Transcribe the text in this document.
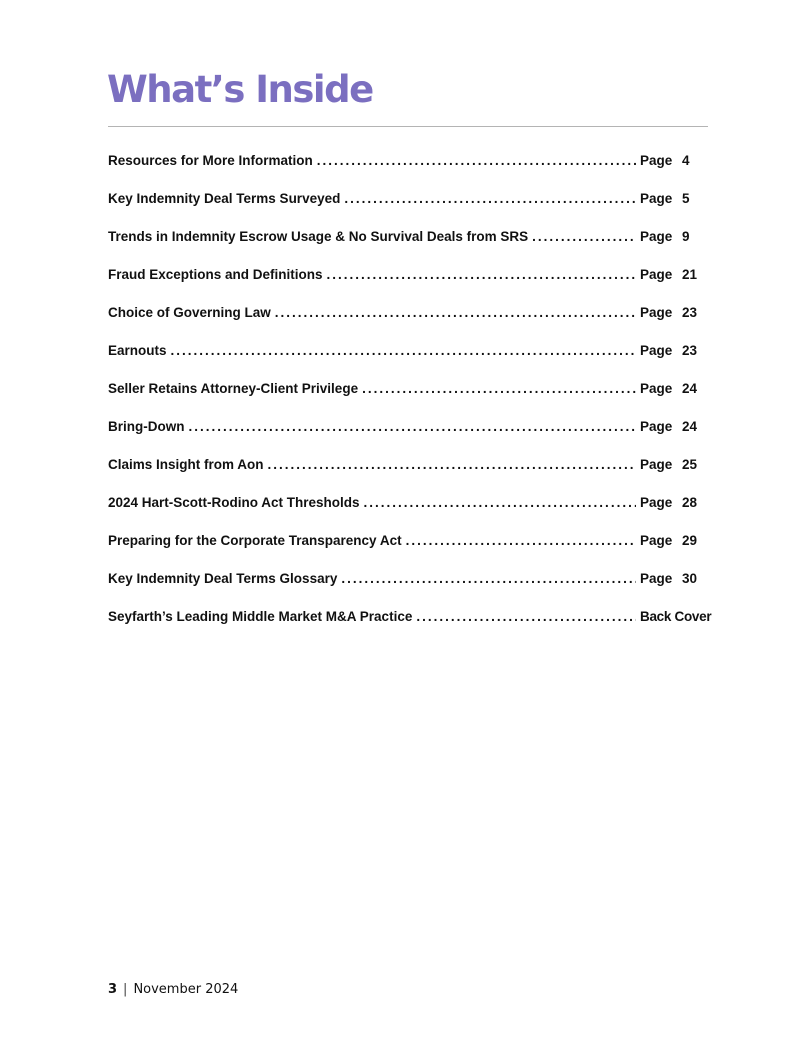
What’s Inside
Resources for More Information .....	Page 4
Key Indemnity Deal Terms Surveyed .....	Page 5
Trends in Indemnity Escrow Usage & No Survival Deals from SRS .....	Page 9
Fraud Exceptions and Definitions .....	Page 21
Choice of Governing Law .....	Page 23
Earnouts .....	Page 23
Seller Retains Attorney-Client Privilege .....	Page 24
Bring-Down .....	Page 24
Claims Insight from Aon .....	Page 25
2024 Hart-Scott-Rodino Act Thresholds .....	Page 28
Preparing for the Corporate Transparency Act .....	Page 29
Key Indemnity Deal Terms Glossary .....	Page 30
Seyfarth’s Leading Middle Market M&A Practice .....	Back Cover
3 | November 2024
